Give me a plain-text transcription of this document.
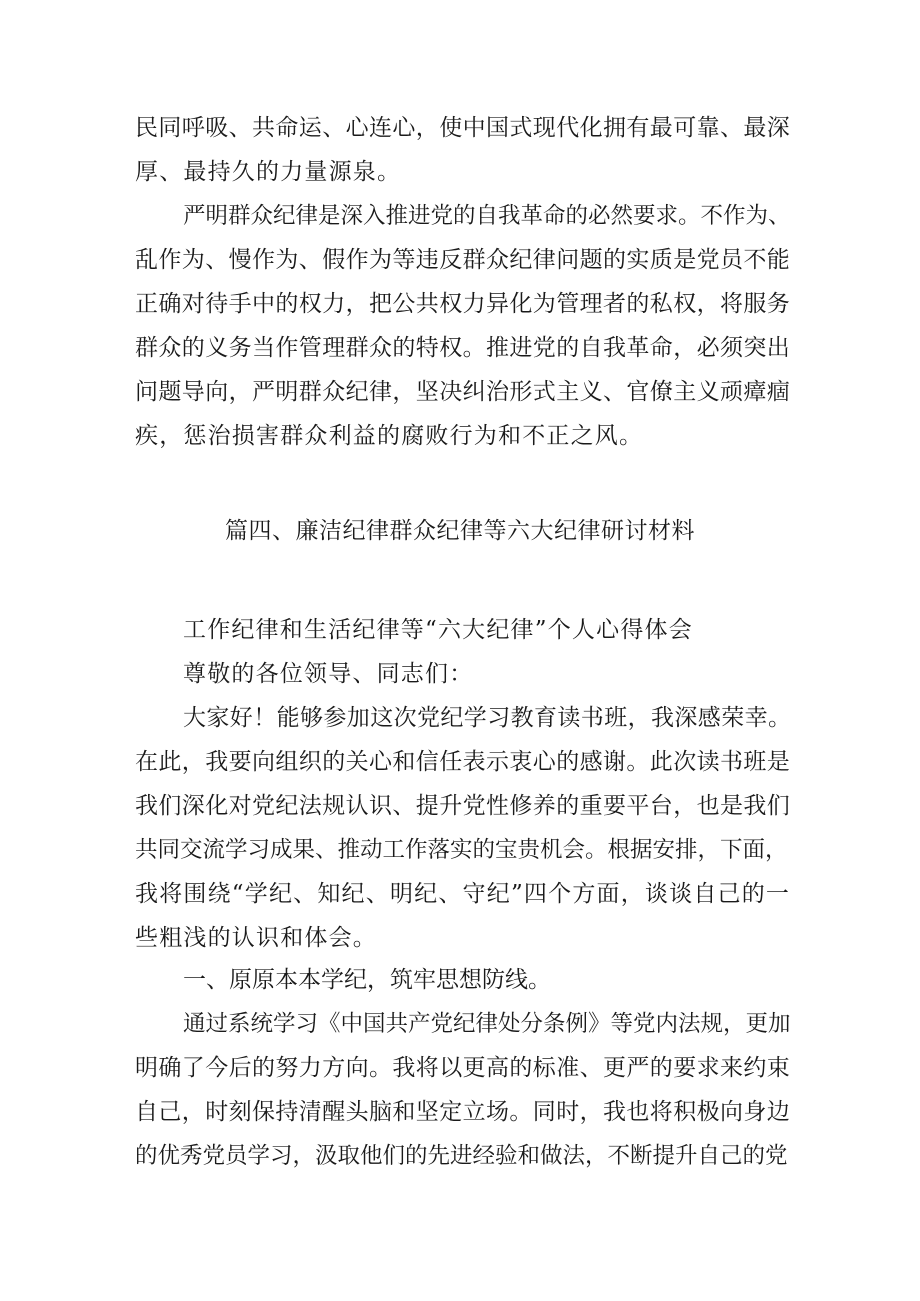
民同呼吸、共命运、心连心，使中国式现代化拥有最可靠、最深
厚、最持久的力量源泉。
严明群众纪律是深入推进党的自我革命的必然要求。不作为、
乱作为、慢作为、假作为等违反群众纪律问题的实质是党员不能
正确对待手中的权力，把公共权力异化为管理者的私权，将服务
群众的义务当作管理群众的特权。推进党的自我革命，必须突出
问题导向，严明群众纪律，坚决纠治形式主义、官僚主义顽瘴痼
疾，惩治损害群众利益的腐败行为和不正之风。
篇四、廉洁纪律群众纪律等六大纪律研讨材料
工作纪律和生活纪律等“六大纪律”个人心得体会
尊敬的各位领导、同志们：
大家好！能够参加这次党纪学习教育读书班，我深感荣幸。
在此，我要向组织的关心和信任表示衷心的感谢。此次读书班是
我们深化对党纪法规认识、提升党性修养的重要平台，也是我们
共同交流学习成果、推动工作落实的宝贵机会。根据安排，下面，
我将围绕“学纪、知纪、明纪、守纪”四个方面，谈谈自己的一
些粗浅的认识和体会。
一、原原本本学纪，筑牢思想防线。
通过系统学习《中国共产党纪律处分条例》等党内法规，更加
明确了今后的努力方向。我将以更高的标准、更严的要求来约束
自己，时刻保持清醒头脑和坚定立场。同时，我也将积极向身边
的优秀党员学习，汲取他们的先进经验和做法，不断提升自己的党
